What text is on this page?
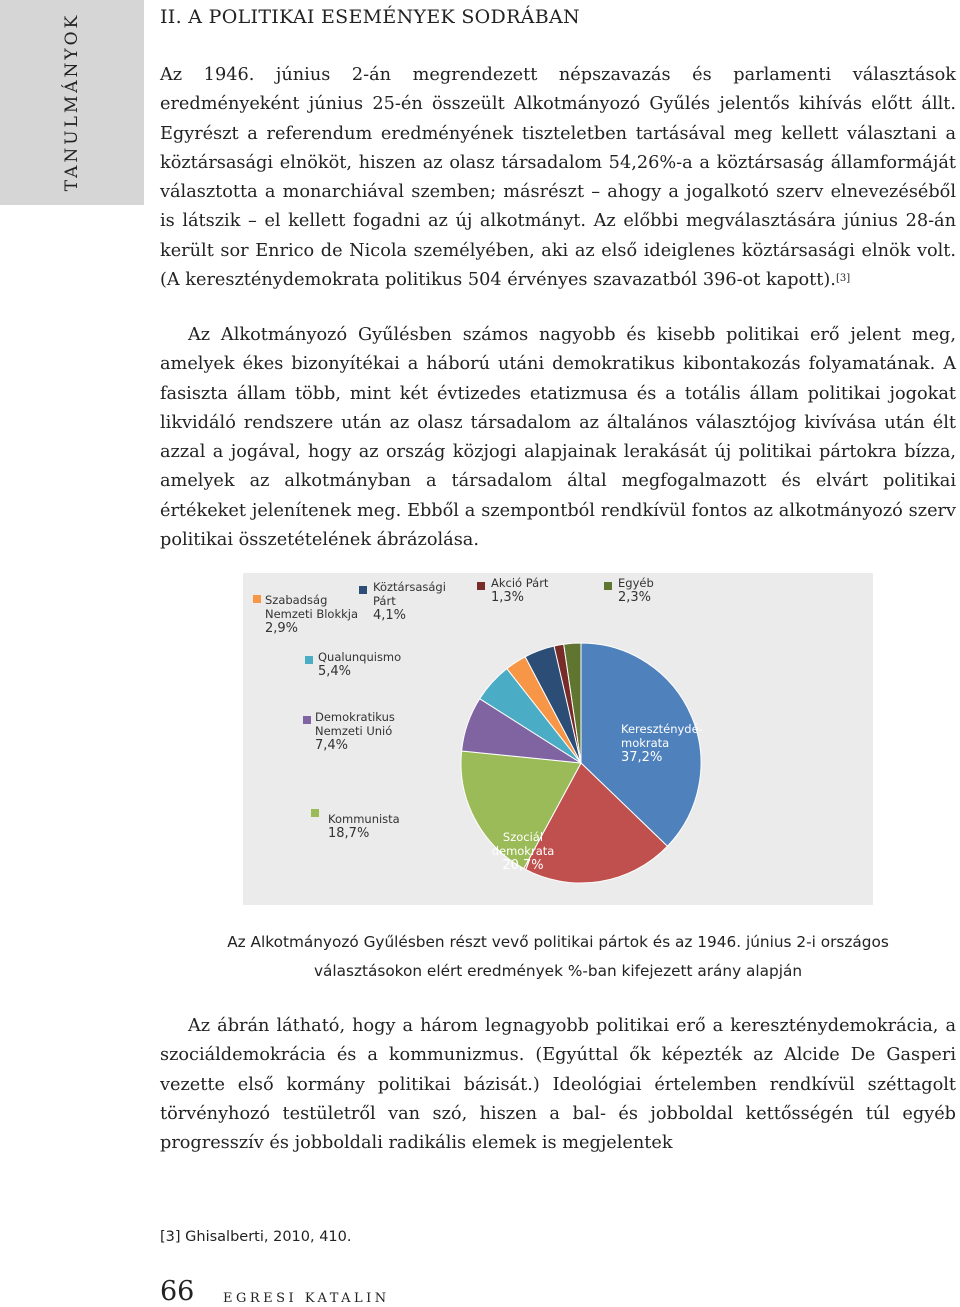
TANULMÁNYOK	II. A POLITIKAI ESEMÉNYEK SODRÁBAN

Az 1946. június 2-án megrendezett népszavazás és parlamenti választások eredményeként június 25-én összeült Alkotmányozó Gyűlés jelentős kihívás előtt állt. Egyrészt a referendum eredményének tiszteletben tartásával meg kellett választani a köztársasági elnököt, hiszen az olasz társadalom 54,26%-a a köztársaság államformáját választotta a monarchiával szemben; másrészt – ahogy a jogalkotó szerv elnevezéséből is látszik – el kellett fogadni az új alkotmányt. Az előbbi megválasztására június 28-án került sor Enrico de Nicola személyében, aki az első ideiglenes köztársasági elnök volt. (A kereszténydemokrata politikus 504 érvényes szavazatból 396-ot kapott).[3]

Az Alkotmányozó Gyűlésben számos nagyobb és kisebb politikai erő jelent meg, amelyek ékes bizonyítékai a háború utáni demokratikus kibontakozás folyamatának. A fasiszta állam több, mint két évtizedes etatizmusa és a totális állam politikai jogokat likvidáló rendszere után az olasz társadalom az általános választójog kivívása után élt azzal a jogával, hogy az ország közjogi alapjainak lerakását új politikai pártokra bízza, amelyek az alkotmányban a társadalom által megfogalmazott és elvárt politikai értékeket jelenítenek meg. Ebből a szempontból rendkívül fontos az alkotmányozó szerv politikai összetételének ábrázolása.

Kereszténydé-mokrata 37,2%
Szociál demokrata 20,7%
Kommunista 18,7%
Demokratikus Nemzeti Unió 7,4%
Qualunquismo 5,4%
Szabadság Nemzeti Blokkja 2,9%
Köztársasági Párt 4,1%
Akció Párt 1,3%
Egyéb 2,3%
Az Alkotmányozó Gyűlésben részt vevő politikai pártok és az 1946. június 2-i országos
választásokon elért eredmények %-ban kifejezett arány alapján

Az ábrán látható, hogy a három legnagyobb politikai erő a kereszténydemokrácia, a szociáldemokrácia és a kommunizmus. (Egyúttal ők képezték az Alcide De Gasperi vezette első kormány politikai bázisát.) Ideológiai értelemben rendkívül széttagolt törvényhozó testületről van szó, hiszen a bal- és jobboldal kettősségén túl egyéb progresszív és jobboldali radikális elemek is megjelentek

[3] Ghisalberti, 2010, 410.
66 EGRESI KATALIN
